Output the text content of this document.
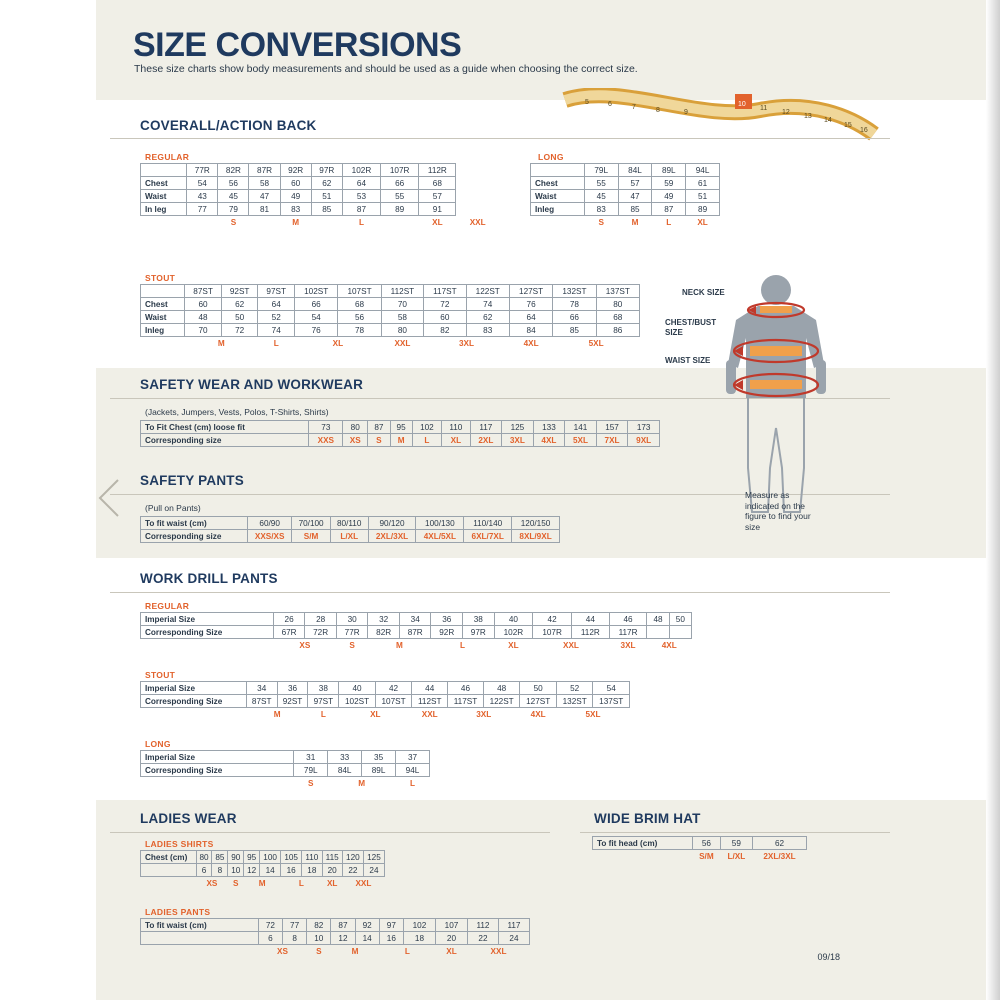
SIZE CONVERSIONS
These size charts show body measurements and should be used as a guide when choosing the correct size.
5	6	7	8	9
10
11
12
13
14
15
16
COVERALL/ACTION BACK
REGULAR
	77R	82R	87R	92R	97R	102R	107R	112R			
Chest	54	56	58	60	62	64	66	68			
Waist	43	45	47	49	51	53	55	57			
In leg	77	79	81	83	85	87	89	91			
		S		M		L		XL		XXL	
LONG
	79L	84L	89L	94L
Chest	55	57	59	61
Waist	45	47	49	51
Inleg	83	85	87	89
	S	M	L	XL
STOUT
	87ST	92ST	97ST	102ST	107ST	112ST	117ST	122ST	127ST	132ST	137ST
Chest	60	62	64	66	68	70	72	74	76	78	80
Waist	48	50	52	54	56	58	60	62	64	66	68
Inleg	70	72	74	76	78	80	82	83	84	85	86
	M		L	XL		XXL	3XL		4XL	5XL	
SAFETY WEAR AND WORKWEAR
(Jackets, Jumpers, Vests, Polos, T-Shirts, Shirts)
To Fit Chest (cm) loose fit	73	80	87	95	102	110	117	125	133	141	157	173
Corresponding size	XXS	XS	S	M	L	XL	2XL	3XL	4XL	5XL	7XL	9XL
SAFETY PANTS
(Pull on Pants)
To fit waist (cm)	60/90	70/100	80/110	90/120	100/130	110/140	120/150
Corresponding size	XXS/XS	S/M	L/XL	2XL/3XL	4XL/5XL	6XL/7XL	8XL/9XL
WORK DRILL PANTS
REGULAR
Imperial Size	26	28	30	32	34	36	38	40	42	44	46	48	50
Corresponding Size	67R	72R	77R	82R	87R	92R	97R	102R	107R	112R	117R		
	XS		S	M		L		XL	XXL		3XL	4XL	
STOUT
Imperial Size	34	36	38	40	42	44	46	48	50	52	54
Corresponding Size	87ST	92ST	97ST	102ST	107ST	112ST	117ST	122ST	127ST	132ST	137ST
	M		L	XL		XXL	3XL		4XL	5XL	
LONG
Imperial Size	31	33	35	37
Corresponding Size	79L	84L	89L	94L
	S	M		L
LADIES WEAR
LADIES SHIRTS
Chest (cm)	80	85	90	95	100	105	110	115	120	125
	6	8	10	12	14	16	18	20	22	24
	XS		S	M		L		XL	XXL	
LADIES PANTS
To fit waist (cm)	72	77	82	87	92	97	102	107	112	117
	6	8	10	12	14	16	18	20	22	24
	XS		S	M		L		XL	XXL	
WIDE BRIM HAT
To fit head (cm)	56	59	62
	S/M	L/XL	2XL/3XL
NECK SIZE
CHEST/BUST SIZE
WAIST SIZE
Measure as indicated on the figure to find your size
09/18
